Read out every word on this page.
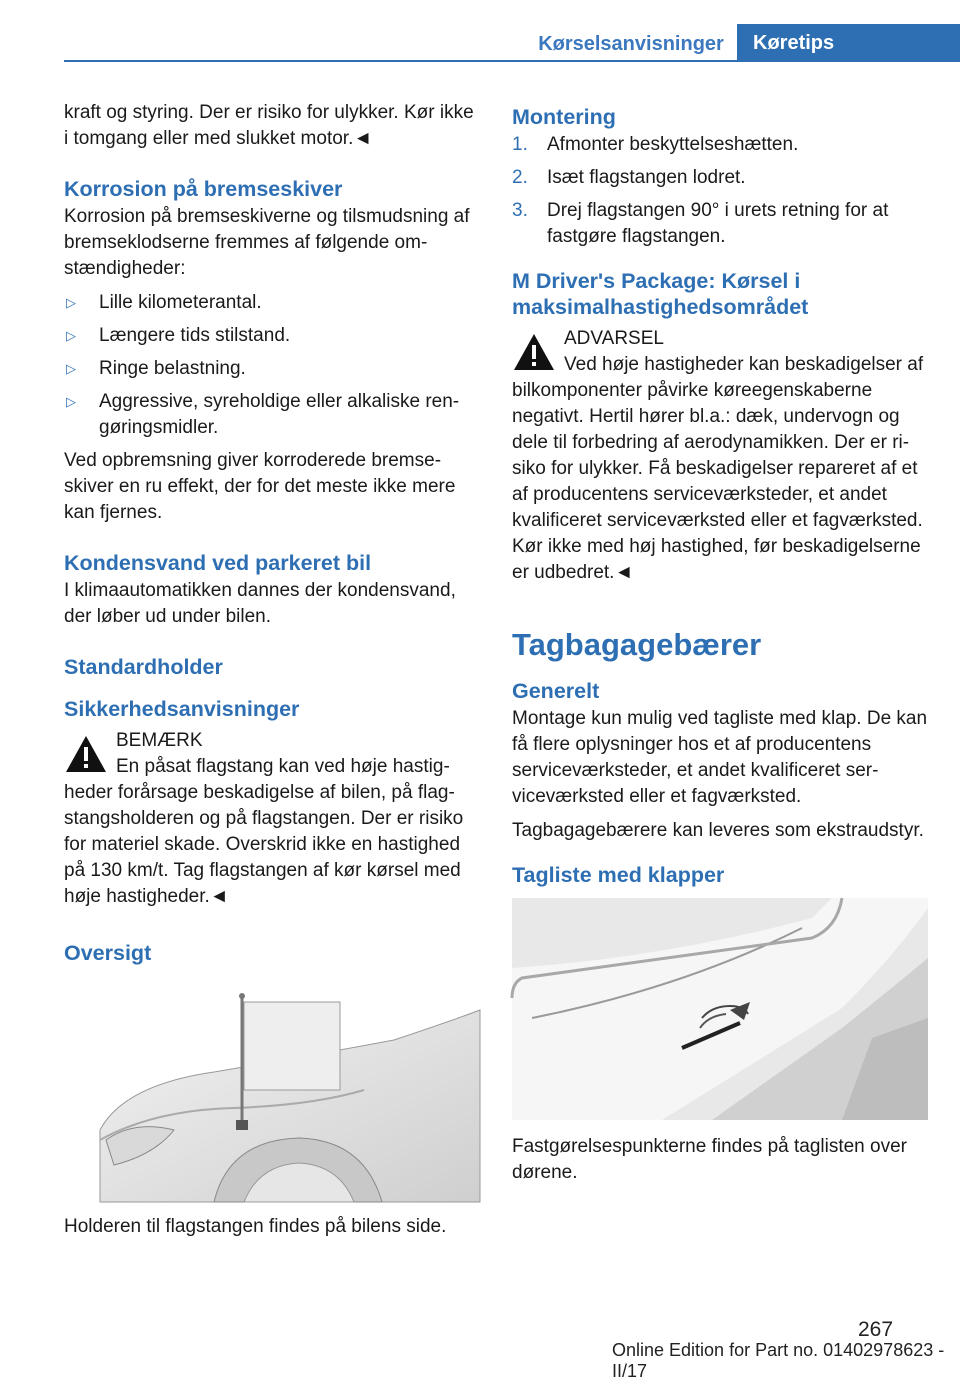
Kørselsanvisninger	Køretips

kraft og styring. Der er risiko for ulykker. Kør ikke i tomgang eller med slukket motor.◄

Korrosion på bremseskiver

Korrosion på bremseskiverne og tilsmudsning af bremseklodserne fremmes af følgende omstændigheder:

▷ Lille kilometerantal.
▷ Længere tids stilstand.
▷ Ringe belastning.
▷ Aggressive, syreholdige eller alkaliske rengøringsmidler.

Ved opbremsning giver korroderede bremseskiver en ru effekt, der for det meste ikke mere kan fjernes.

Kondensvand ved parkeret bil

I klimaautomatikken dannes der kondensvand, der løber ud under bilen.

Standardholder
Sikkerhedsanvisninger
BEMÆRK

En påsat flagstang kan ved høje hastigheder forårsage beskadigelse af bilen, på flagstangsholderen og på flagstangen. Der er risiko for materiel skade. Overskrid ikke en hastighed på 130 km/t. Tag flagstangen af kør kørsel med høje hastigheder.◄

Oversigt

Holderen til flagstangen findes på bilens side.

Montering
1. Afmonter beskyttelseshætten.
2. Isæt flagstangen lodret.
3. Drej flagstangen 90° i urets retning for at fastgøre flagstangen.
M Driver's Package: Kørsel i maksimalhastighedsområdet
ADVARSEL

Ved høje hastigheder kan beskadigelser af bilkomponenter påvirke køreegenskaberne negativt. Hertil hører bl.a.: dæk, undervogn og dele til forbedring af aerodynamikken. Der er risiko for ulykker. Få beskadigelser repareret af et af producentens serviceværksteder, et andet kvalificeret serviceværksted eller et fagværksted. Kør ikke med høj hastighed, før beskadigelserne er udbedret.◄

Tagbagagebærer
Generelt

Montage kun mulig ved tagliste med klap. De kan få flere oplysninger hos et af producentens serviceværksteder, et andet kvalificeret serviceværksted eller et fagværksted.

Tagbagagebærere kan leveres som ekstraudstyr.

Tagliste med klapper

Fastgørelsespunkterne findes på taglisten over dørene.

267
Online Edition for Part no. 01402978623 - II/17
